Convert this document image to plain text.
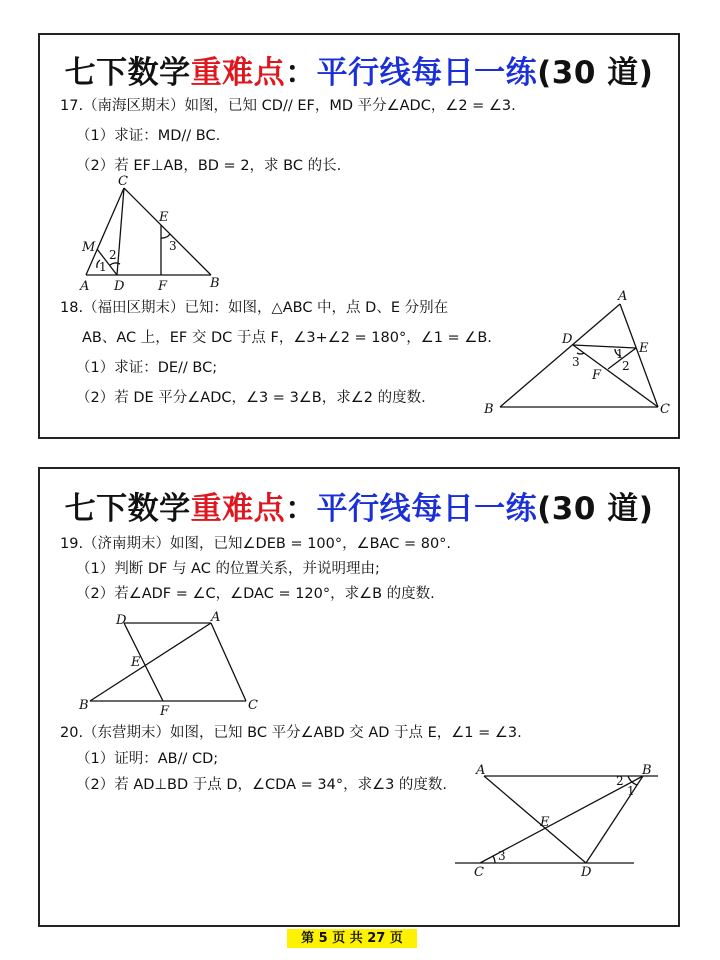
七下数学重难点：平行线每日一练(30 道)
17.（南海区期末）如图，已知 CD// EF，MD 平分∠ADC，∠2 = ∠3.
（1）求证：MD// BC.
（2）若 EF⊥AB，BD = 2，求 BC 的长.
C
E
M
A D	F	B
1
2
3
18.（福田区期末）已知：如图，△ABC 中，点 D、E 分别在
AB、AC 上，EF 交 DC 于点 F，∠3+∠2 = 180°，∠1 = ∠B.
（1）求证：DE// BC;
（2）若 DE 平分∠ADC，∠3 = 3∠B，求∠2 的度数.
A
D
E
F
B	C
1
2
3
七下数学重难点：平行线每日一练(30 道)
19.（济南期末）如图，已知∠DEB = 100°，∠BAC = 80°.
（1）判断 DF 与 AC 的位置关系，并说明理由;
（2）若∠ADF = ∠C，∠DAC = 120°，求∠B 的度数.
D	A
E
B	F	C
20.（东营期末）如图，已知 BC 平分∠ABD 交 AD 于点 E，∠1 = ∠3.
（1）证明：AB// CD;
（2）若 AD⊥BD 于点 D，∠CDA = 34°，求∠3 的度数.
A	B
E
C	D
1
2
3
第 5 页 共 27 页
